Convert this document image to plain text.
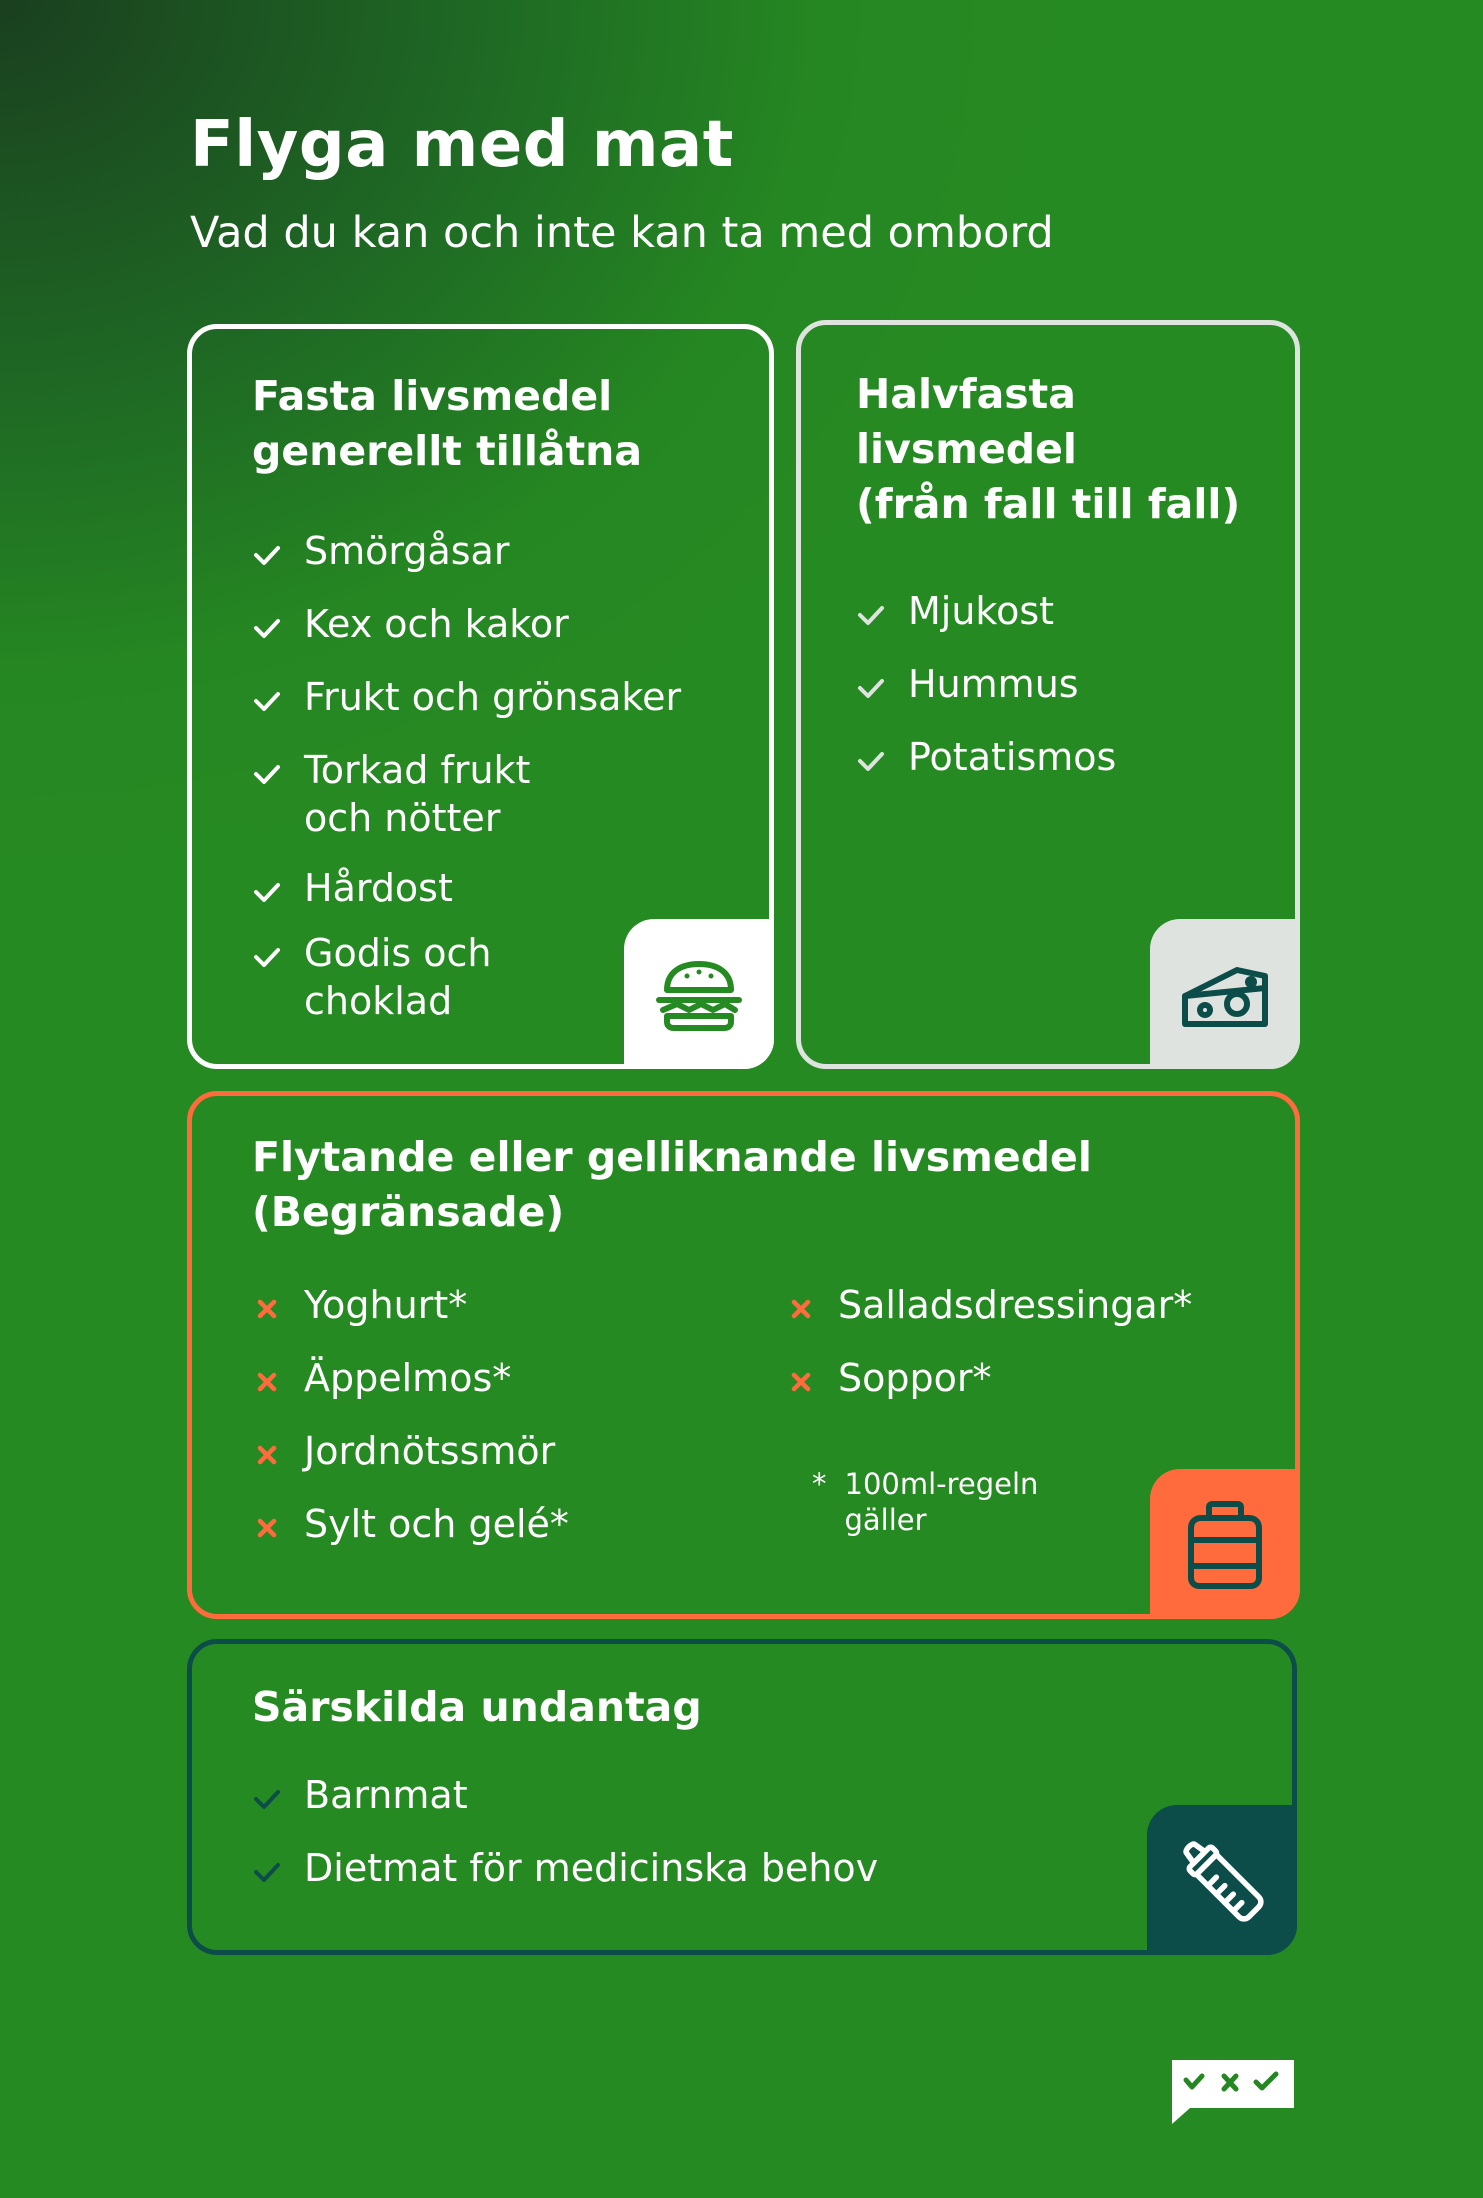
Flyga med mat

Vad du kan och inte kan ta med ombord

Fasta livsmedel
generellt tillåtna
Smörgåsar
Kex och kakor
Frukt och grönsaker
Torkad frukt
och nötter
Hårdost
Godis och
choklad
Halvfasta
livsmedel
(från fall till fall)
Mjukost
Hummus
Potatismos
Flytande eller gelliknande livsmedel
(Begränsade)
Yoghurt*
Äppelmos*
Jordnötssmör
Sylt och gelé*
Salladsdressingar*
Soppor*
* 100ml-regeln
gäller
Särskilda undantag
Barnmat
Dietmat för medicinska behov
